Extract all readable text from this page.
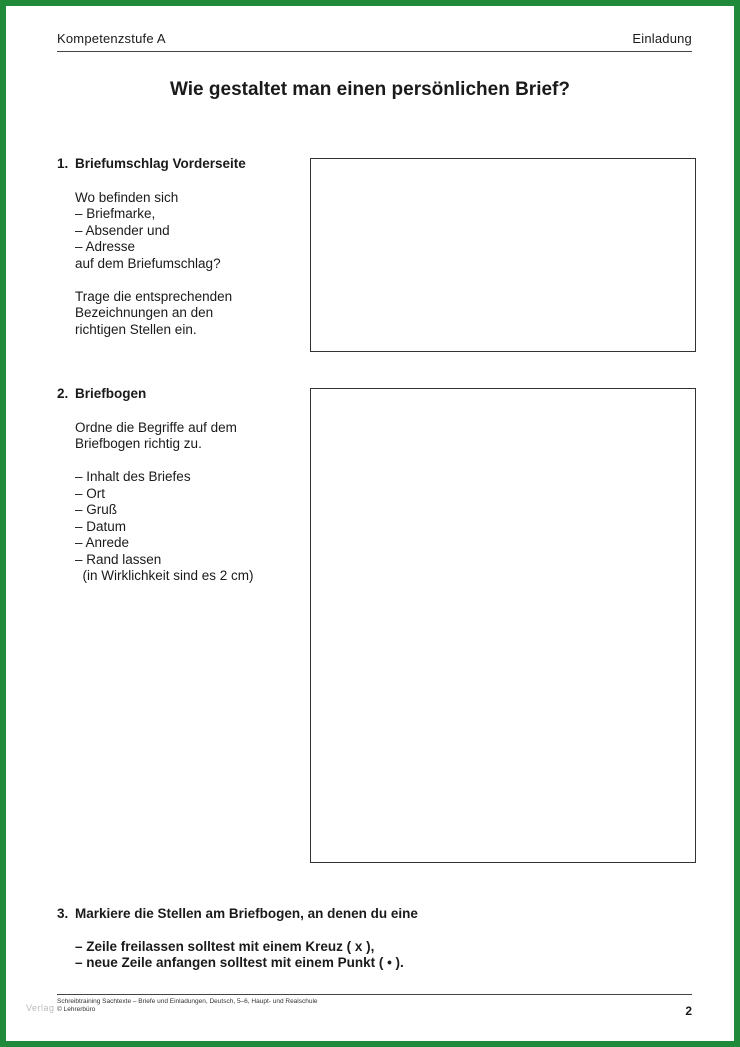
Kompetenzstufe A	Einladung
Wie gestaltet man einen persönlichen Brief?
1. Briefumschlag Vorderseite
Wo befinden sich
– Briefmarke,
– Absender und
– Adresse
auf dem Briefumschlag?
Trage die entsprechenden
Bezeichnungen an den
richtigen Stellen ein.
2. Briefbogen
Ordne die Begriffe auf dem
Briefbogen richtig zu.
– Inhalt des Briefes
– Ort
– Gruß
– Datum
– Anrede
– Rand lassen
(in Wirklichkeit sind es 2 cm)
3. Markiere die Stellen am Briefbogen, an denen du eine
– Zeile freilassen solltest mit einem Kreuz ( x ),
– neue Zeile anfangen solltest mit einem Punkt ( • ).
Verlag
Schreibtraining Sachtexte – Briefe und Einladungen, Deutsch, 5–6, Haupt- und Realschule
© Lehrerbüro	2
